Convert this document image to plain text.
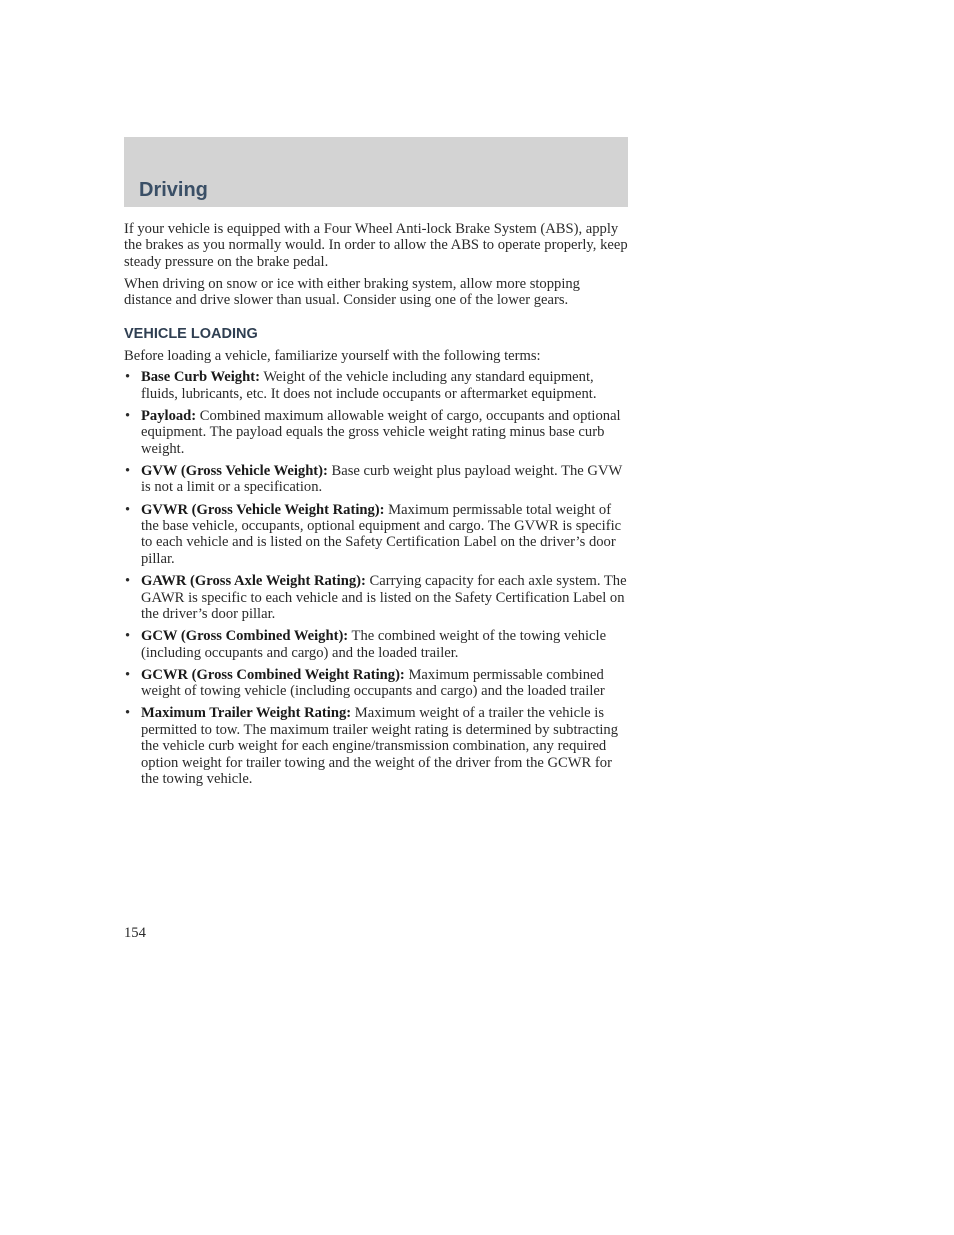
Driving

If your vehicle is equipped with a Four Wheel Anti-lock Brake System (ABS), apply the brakes as you normally would. In order to allow the ABS to operate properly, keep steady pressure on the brake pedal.

When driving on snow or ice with either braking system, allow more stopping distance and drive slower than usual. Consider using one of the lower gears.

VEHICLE LOADING

Before loading a vehicle, familiarize yourself with the following terms:

• Base Curb Weight: Weight of the vehicle including any standard equipment, fluids, lubricants, etc. It does not include occupants or aftermarket equipment.
• Payload: Combined maximum allowable weight of cargo, occupants and optional equipment. The payload equals the gross vehicle weight rating minus base curb weight.
• GVW (Gross Vehicle Weight): Base curb weight plus payload weight. The GVW is not a limit or a specification.
• GVWR (Gross Vehicle Weight Rating): Maximum permissable total weight of the base vehicle, occupants, optional equipment and cargo. The GVWR is specific to each vehicle and is listed on the Safety Certification Label on the driver’s door pillar.
• GAWR (Gross Axle Weight Rating): Carrying capacity for each axle system. The GAWR is specific to each vehicle and is listed on the Safety Certification Label on the driver’s door pillar.
• GCW (Gross Combined Weight): The combined weight of the towing vehicle (including occupants and cargo) and the loaded trailer.
• GCWR (Gross Combined Weight Rating): Maximum permissable combined weight of towing vehicle (including occupants and cargo) and the loaded trailer
• Maximum Trailer Weight Rating: Maximum weight of a trailer the vehicle is permitted to tow. The maximum trailer weight rating is determined by subtracting the vehicle curb weight for each engine/transmission combination, any required option weight for trailer towing and the weight of the driver from the GCWR for the towing vehicle.
154
